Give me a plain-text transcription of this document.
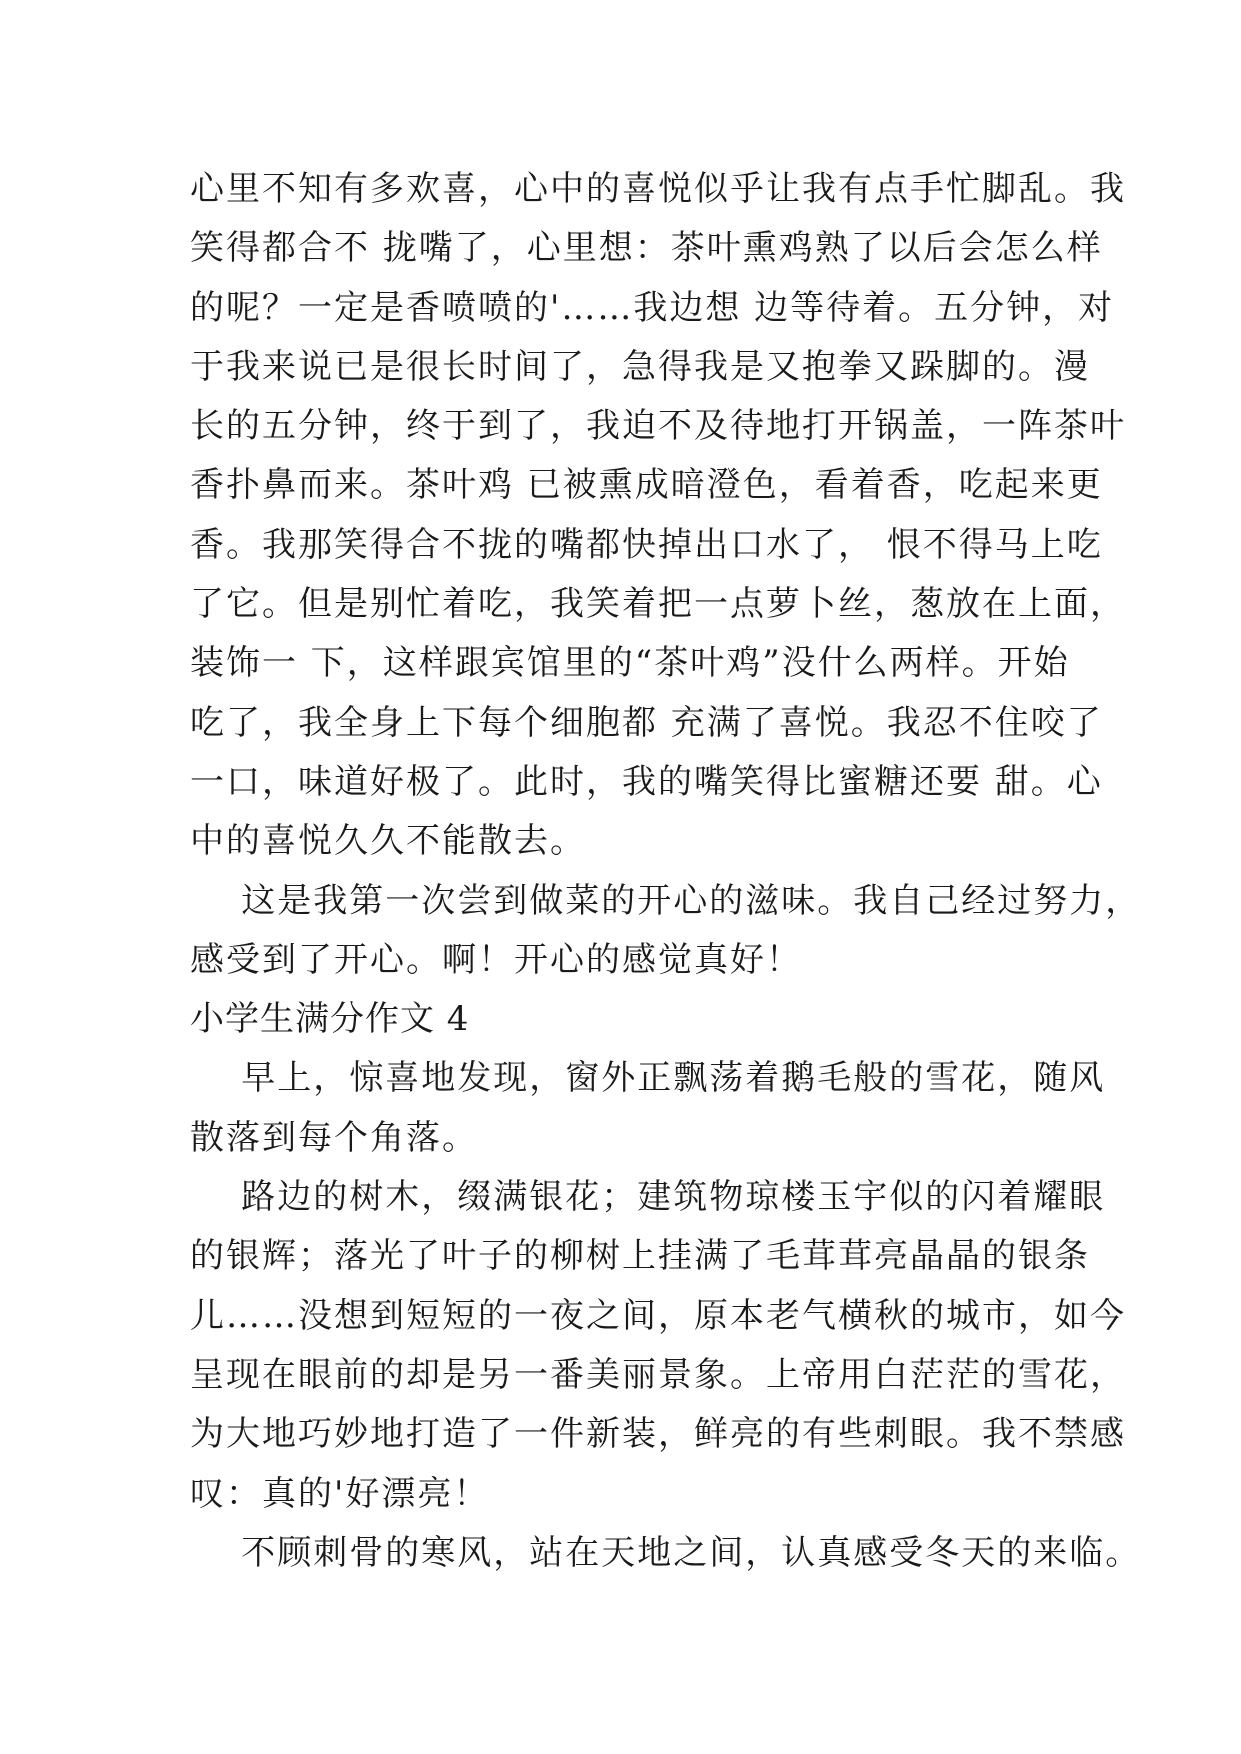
心里不知有多欢喜，心中的喜悦似乎让我有点手忙脚乱。我
笑得都合不 拢嘴了，心里想：茶叶熏鸡熟了以后会怎么样
的呢？一定是香喷喷的'……我边想 边等待着。五分钟，对
于我来说已是很长时间了，急得我是又抱拳又跺脚的。漫
长的五分钟，终于到了，我迫不及待地打开锅盖，一阵茶叶
香扑鼻而来。茶叶鸡 已被熏成暗澄色，看着香，吃起来更
香。我那笑得合不拢的嘴都快掉出口水了， 恨不得马上吃
了它。但是别忙着吃，我笑着把一点萝卜丝，葱放在上面，
装饰一 下，这样跟宾馆里的“茶叶鸡”没什么两样。开始
吃了，我全身上下每个细胞都 充满了喜悦。我忍不住咬了
一口，味道好极了。此时，我的嘴笑得比蜜糖还要 甜。心
中的喜悦久久不能散去。
这是我第一次尝到做菜的开心的滋味。我自己经过努力，
感受到了开心。啊！开心的感觉真好！
小学生满分作文 4
早上，惊喜地发现，窗外正飘荡着鹅毛般的雪花，随风
散落到每个角落。
路边的树木，缀满银花；建筑物琼楼玉宇似的闪着耀眼
的银辉；落光了叶子的柳树上挂满了毛茸茸亮晶晶的银条
儿……没想到短短的一夜之间，原本老气横秋的城市，如今
呈现在眼前的却是另一番美丽景象。上帝用白茫茫的雪花，
为大地巧妙地打造了一件新装，鲜亮的有些刺眼。我不禁感
叹：真的'好漂亮！
不顾刺骨的寒风，站在天地之间，认真感受冬天的来临。
